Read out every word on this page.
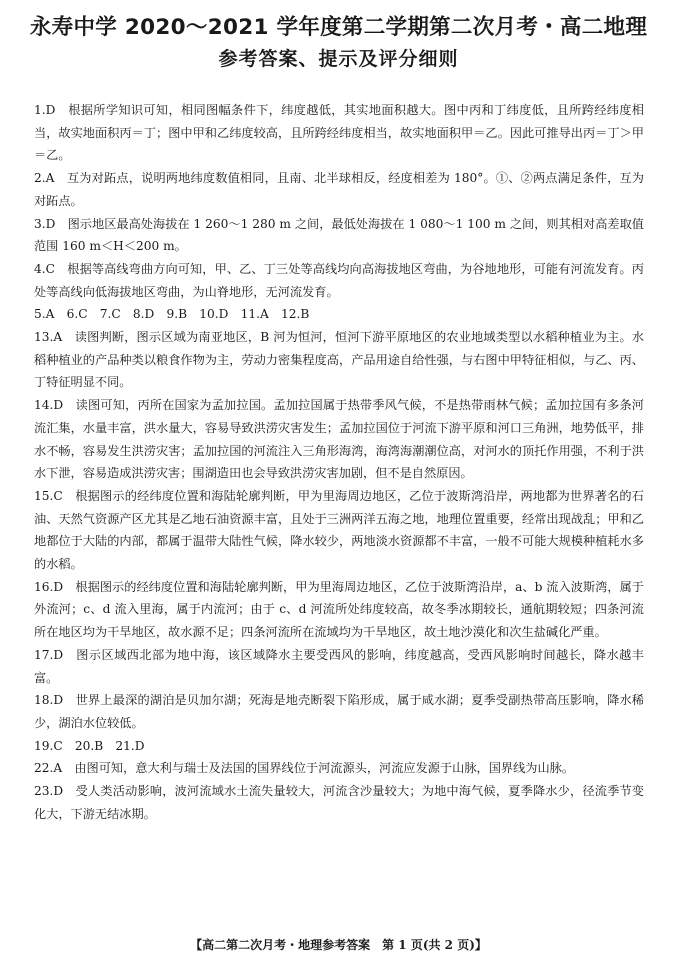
永寿中学 2020～2021 学年度第二学期第二次月考・高二地理
参考答案、提示及评分细则

1.D　根据所学知识可知，相同图幅条件下，纬度越低，其实地面积越大。图中丙和丁纬度低，且所跨经纬度相当，故实地面积丙＝丁；图中甲和乙纬度较高，且所跨经纬度相当，故实地面积甲＝乙。因此可推导出丙＝丁＞甲＝乙。

2.A　互为对跖点，说明两地纬度数值相同，且南、北半球相反，经度相差为 180°。①、②两点满足条件，互为对跖点。

3.D　图示地区最高处海拔在 1 260～1 280 m 之间，最低处海拔在 1 080～1 100 m 之间，则其相对高差取值范围 160 m＜H＜200 m。

4.C　根据等高线弯曲方向可知，甲、乙、丁三处等高线均向高海拔地区弯曲，为谷地地形，可能有河流发育。丙处等高线向低海拔地区弯曲，为山脊地形，无河流发育。

5.A　6.C　7.C　8.D　9.B　10.D　11.A　12.B

13.A　读图判断，图示区域为南亚地区，B 河为恒河，恒河下游平原地区的农业地域类型以水稻种植业为主。水稻种植业的产品种类以粮食作物为主，劳动力密集程度高，产品用途自给性强，与右图中甲特征相似，与乙、丙、丁特征明显不同。

14.D　读图可知，丙所在国家为孟加拉国。孟加拉国属于热带季风气候，不是热带雨林气候；孟加拉国有多条河流汇集，水量丰富，洪水量大，容易导致洪涝灾害发生；孟加拉国位于河流下游平原和河口三角洲，地势低平，排水不畅，容易发生洪涝灾害；孟加拉国的河流注入三角形海湾，海湾海潮潮位高，对河水的顶托作用强，不利于洪水下泄，容易造成洪涝灾害；围湖造田也会导致洪涝灾害加剧，但不是自然原因。

15.C　根据图示的经纬度位置和海陆轮廓判断，甲为里海周边地区，乙位于波斯湾沿岸，两地都为世界著名的石油、天然气资源产区尤其是乙地石油资源丰富，且处于三洲两洋五海之地，地理位置重要，经常出现战乱；甲和乙地都位于大陆的内部，都属于温带大陆性气候，降水较少，两地淡水资源都不丰富，一般不可能大规模种植耗水多的水稻。

16.D　根据图示的经纬度位置和海陆轮廓判断，甲为里海周边地区，乙位于波斯湾沿岸，a、b 流入波斯湾，属于外流河；c、d 流入里海，属于内流河；由于 c、d 河流所处纬度较高，故冬季冰期较长，通航期较短；四条河流所在地区均为干旱地区，故水源不足；四条河流所在流域均为干旱地区，故土地沙漠化和次生盐碱化严重。

17.D　图示区域西北部为地中海，该区域降水主要受西风的影响，纬度越高，受西风影响时间越长，降水越丰富。

18.D　世界上最深的湖泊是贝加尔湖；死海是地壳断裂下陷形成，属于咸水湖；夏季受副热带高压影响，降水稀少，湖泊水位较低。

19.C　20.B　21.D

22.A　由图可知，意大利与瑞士及法国的国界线位于河流源头，河流应发源于山脉，国界线为山脉。

23.D　受人类活动影响，波河流域水土流失量较大，河流含沙量较大；为地中海气候，夏季降水少，径流季节变化大，下游无结冰期。

【高二第二次月考・地理参考答案　第 1 页(共 2 页)】
